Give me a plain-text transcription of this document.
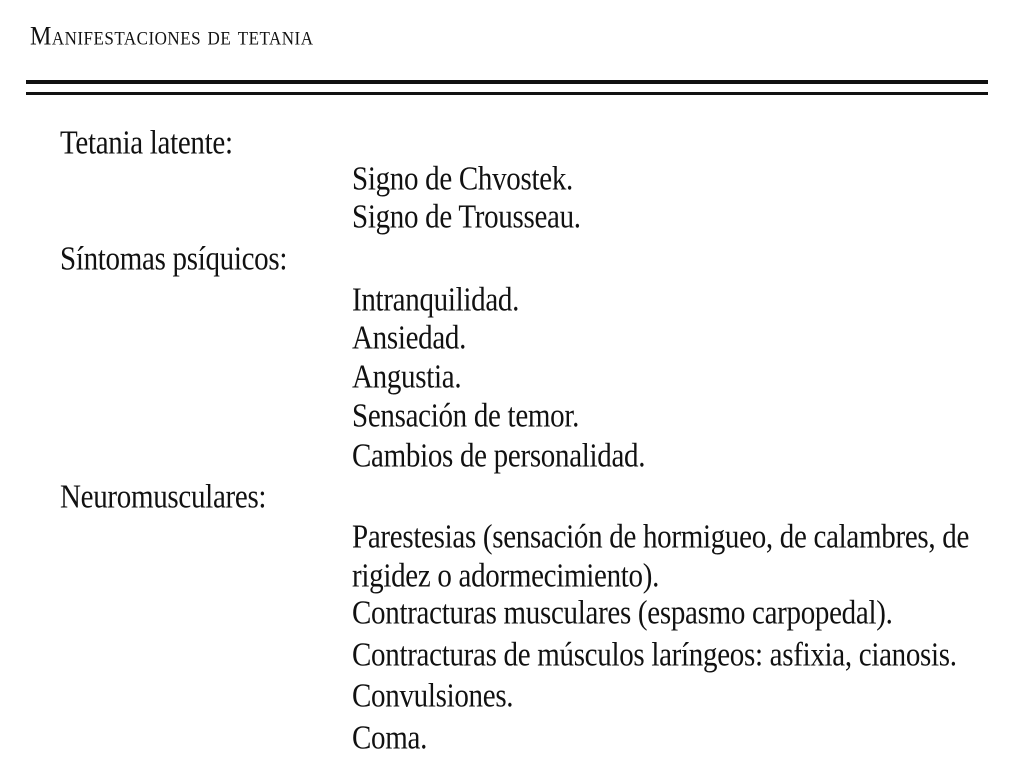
Manifestaciones de tetania
Tetania latente:
Signo de Chvostek.
Signo de Trousseau.
Síntomas psíquicos:
Intranquilidad.
Ansiedad.
Angustia.
Sensación de temor.
Cambios de personalidad.
Neuromusculares:
Parestesias (sensación de hormigueo, de calambres, de
rigidez o adormecimiento).
Contracturas musculares (espasmo carpopedal).
Contracturas de músculos laríngeos: asfixia, cianosis.
Convulsiones.
Coma.
